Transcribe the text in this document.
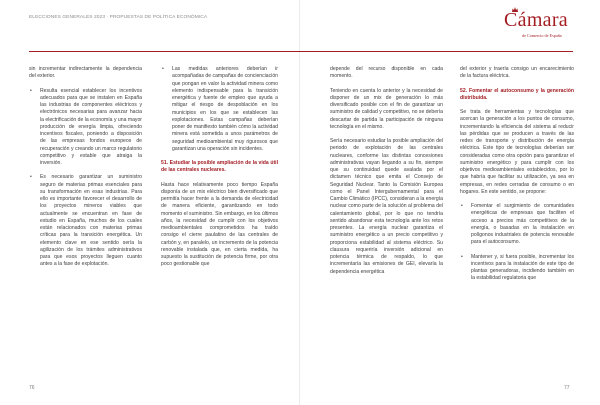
ELECCIONES GENERALES 2023 · PROPUESTAS DE POLÍTICA ECONÓMICA

sin incrementar indirectamente la dependencia del exterior.

• Resulta esencial establecer los incentivos adecuados para que se instalen en España las industrias de componentes eléctricos y electrónicos necesarias para avanzar hacia la electrificación de la economía y una mayor producción de energía limpia, ofreciendo incentivos fiscales, poniendo a disposición de las empresas fondos europeos de recuperación y creando un marco regulatorio competitivo y estable que atraiga la inversión.
• Es necesario garantizar un suministro seguro de materias primas esenciales para su transformación en esas industrias. Para ello es importante favorecer el desarrollo de los proyectos mineros viables que actualmente se encuentran en fase de estudio en España, muchos de los cuales están relacionados con materias primas críticas para la transición energética. Un elemento clave en ese sentido sería la agilización de los trámites administrativos para que esos proyectos lleguen cuanto antes a la fase de explotación.
• Las medidas anteriores deberían ir acompañadas de campañas de concienciación que pongan en valor la actividad minera como elemento indispensable para la transición energética y fuente de empleo que ayuda a mitigar el riesgo de despoblación en los municipios en los que se establecen las explotaciones. Estas campañas deberían poner de manifiesto también cómo la actividad minera está sometida a unos parámetros de seguridad medioambiental muy rigurosos que garantizan una operación sin incidentes.

51. Estudiar la posible ampliación de la vida útil de las centrales nucleares.

Hasta hace relativamente poco tiempo España disponía de un mix eléctrico bien diversificado que permitía hacer frente a la demanda de electricidad de manera eficiente, garantizando en todo momento el suministro. Sin embargo, en los últimos años, la necesidad de cumplir con los objetivos medioambientales comprometidos ha traído consigo el cierre paulatino de las centrales de carbón y, en paralelo, un incremento de la potencia renovable instalada que, en cierta medida, ha supuesto la sustitución de potencia firme, por otra poco gestionable que

76
Cámara
de Comercio de España

depende del recurso disponible en cada momento.

Teniendo en cuenta lo anterior y la necesidad de disponer de un mix de generación lo más diversificado posible con el fin de garantizar un suministro de calidad y competitivo, no se debería descartar de partida la participación de ninguna tecnología en el mismo.

Sería necesario estudiar la posible ampliación del periodo de explotación de las centrales nucleares, conforme las distintas concesiones administrativas vayan llegando a su fin, siempre que su continuidad quede avalada por el dictamen técnico que emita el Consejo de Seguridad Nuclear. Tanto la Comisión Europea como el Panel Intergubernamental para el Cambio Climático (IPCC), consideran a la energía nuclear como parte de la solución al problema del calentamiento global, por lo que no tendría sentido abandonar esta tecnología ante los retos presentes. La energía nuclear garantiza el suministro energético a un precio competitivo y proporciona estabilidad al sistema eléctrico. Su clausura requeriría inversión adicional en potencia térmica de respaldo, lo que incrementaría las emisiones de GEI, elevaría la dependencia energética

del exterior y traería consigo un encarecimiento de la factura eléctrica.

52. Fomentar el autoconsumo y la generación distribuida.

Se trata de herramientas y tecnologías que acercan la generación a los puntos de consumo, incrementando la eficiencia del sistema al reducir las pérdidas que se producen a través de las redes de transporte y distribución de energía eléctrica. Este tipo de tecnologías deberían ser consideradas como otra opción para garantizar el suministro energético y para cumplir con los objetivos medioambientales establecidos, por lo que habría que facilitar su utilización, ya sea en empresas, en redes cerradas de consumo o en hogares. En este sentido, se propone:

• Fomentar el surgimiento de comunidades energéticas de empresas que faciliten el acceso a precios más competitivos de la energía, o basadas en la instalación en polígonos industriales de potencia renovable para el autoconsumo.
• Mantener y, si fuera posible, incrementar los incentivos para la instalación de este tipo de plantas generadoras, incidiendo también en la estabilidad regulatoria que
77
